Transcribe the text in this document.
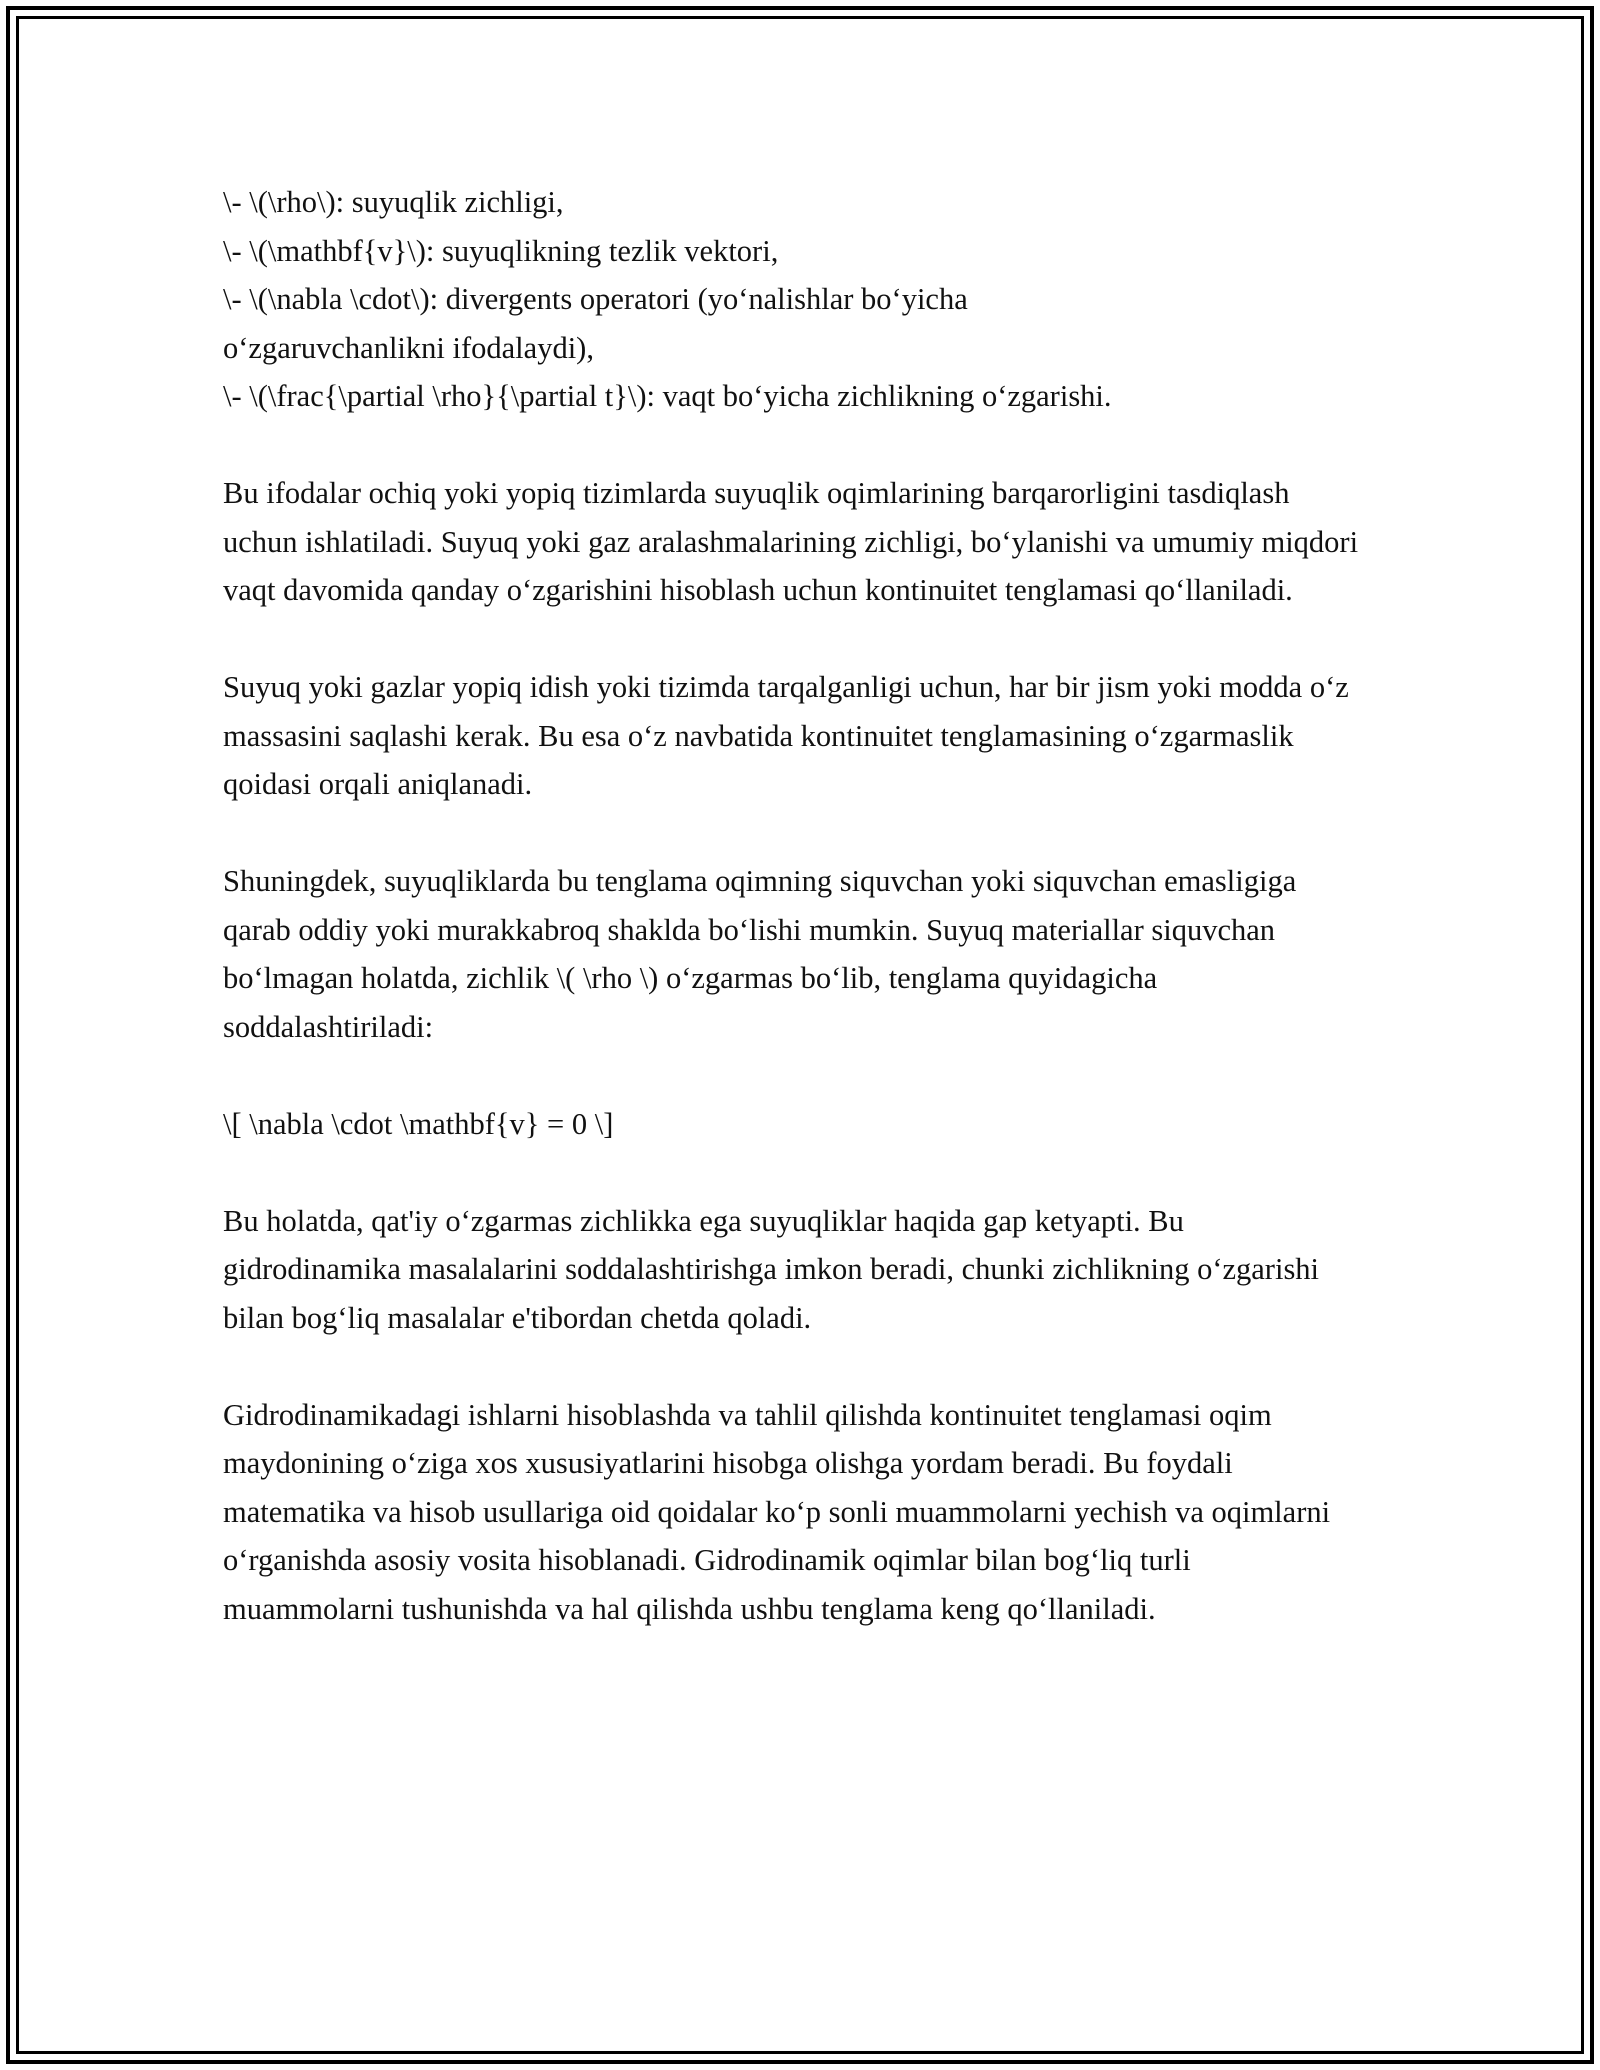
\- \(\rho\): suyuqlik zichligi,
\- \(\mathbf{v}\): suyuqlikning tezlik vektori,
\- \(\nabla \cdot\): divergents operatori (yo‘nalishlar bo‘yicha o‘zgaruvchanlikni ifodalaydi),
\- \(\frac{\partial \rho}{\partial t}\): vaqt bo‘yicha zichlikning o‘zgarishi.

Bu ifodalar ochiq yoki yopiq tizimlarda suyuqlik oqimlarining barqarorligini tasdiqlash uchun ishlatiladi. Suyuq yoki gaz aralashmalarining zichligi, bo‘ylanishi va umumiy miqdori vaqt davomida qanday o‘zgarishini hisoblash uchun kontinuitet tenglamasi qo‘llaniladi.

Suyuq yoki gazlar yopiq idish yoki tizimda tarqalganligi uchun, har bir jism yoki modda o‘z massasini saqlashi kerak. Bu esa o‘z navbatida kontinuitet tenglamasining o‘zgarmaslik qoidasi orqali aniqlanadi.

Shuningdek, suyuqliklarda bu tenglama oqimning siquvchan yoki siquvchan emasligiga qarab oddiy yoki murakkabroq shaklda bo‘lishi mumkin. Suyuq materiallar siquvchan bo‘lmagan holatda, zichlik \( \rho \) o‘zgarmas bo‘lib, tenglama quyidagicha soddalashtiriladi:

\[ \nabla \cdot \mathbf{v} = 0 \]

Bu holatda, qat'iy o‘zgarmas zichlikka ega suyuqliklar haqida gap ketyapti. Bu gidrodinamika masalalarini soddalashtirishga imkon beradi, chunki zichlikning o‘zgarishi bilan bog‘liq masalalar e'tibordan chetda qoladi.

Gidrodinamikadagi ishlarni hisoblashda va tahlil qilishda kontinuitet tenglamasi oqim maydonining o‘ziga xos xususiyatlarini hisobga olishga yordam beradi. Bu foydali matematika va hisob usullariga oid qoidalar ko‘p sonli muammolarni yechish va oqimlarni o‘rganishda asosiy vosita hisoblanadi. Gidrodinamik oqimlar bilan bog‘liq turli muammolarni tushunishda va hal qilishda ushbu tenglama keng qo‘llaniladi.
